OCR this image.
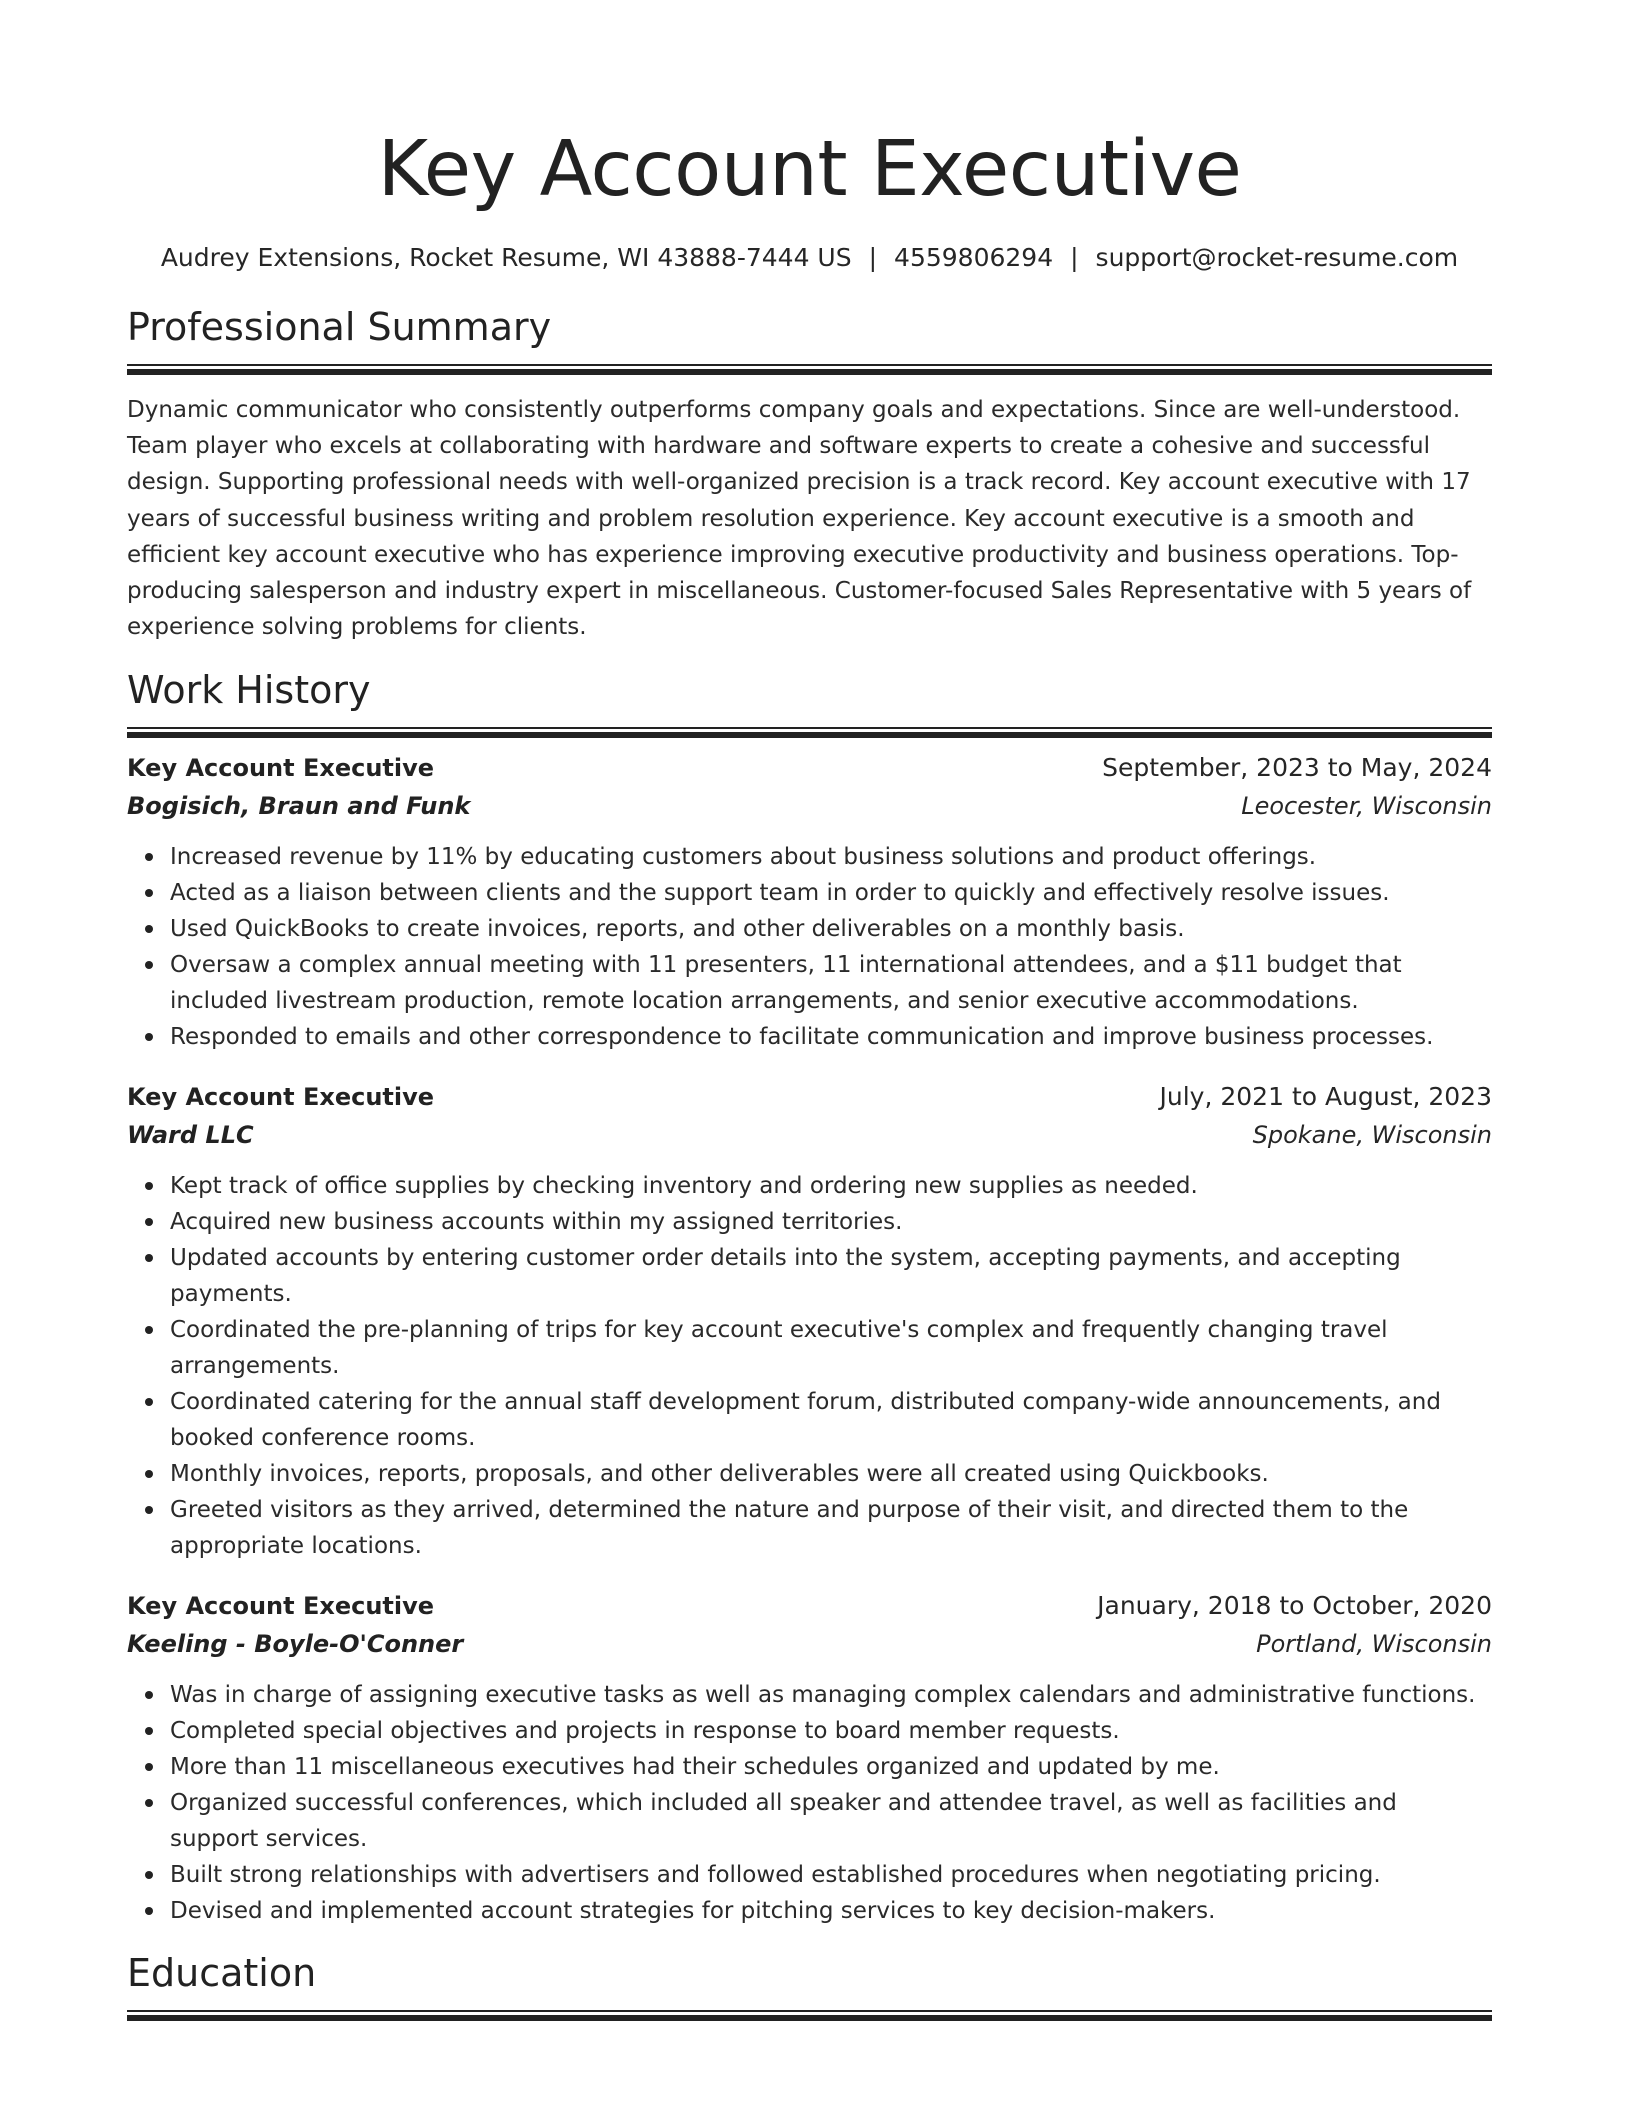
Key Account Executive
Audrey Extensions, Rocket Resume, WI 43888-7444 US | 4559806294 | support@rocket-resume.com
Professional Summary

Dynamic communicator who consistently outperforms company goals and expectations. Since are well-understood. Team player who excels at collaborating with hardware and software experts to create a cohesive and successful design. Supporting professional needs with well-organized precision is a track record. Key account executive with 17 years of successful business writing and problem resolution experience. Key account executive is a smooth and efficient key account executive who has experience improving executive productivity and business operations. Top-producing salesperson and industry expert in miscellaneous. Customer-focused Sales Representative with 5 years of experience solving problems for clients.

Work History
Key Account Executive	September, 2023 to May, 2024
Bogisich, Braun and Funk	Leocester, Wisconsin
Increased revenue by 11% by educating customers about business solutions and product offerings.
Acted as a liaison between clients and the support team in order to quickly and effectively resolve issues.
Used QuickBooks to create invoices, reports, and other deliverables on a monthly basis.
Oversaw a complex annual meeting with 11 presenters, 11 international attendees, and a $11 budget that included livestream production, remote location arrangements, and senior executive accommodations.
Responded to emails and other correspondence to facilitate communication and improve business processes.
Key Account Executive	July, 2021 to August, 2023
Ward LLC	Spokane, Wisconsin
Kept track of office supplies by checking inventory and ordering new supplies as needed.
Acquired new business accounts within my assigned territories.
Updated accounts by entering customer order details into the system, accepting payments, and accepting payments.
Coordinated the pre-planning of trips for key account executive's complex and frequently changing travel arrangements.
Coordinated catering for the annual staff development forum, distributed company-wide announcements, and booked conference rooms.
Monthly invoices, reports, proposals, and other deliverables were all created using Quickbooks.
Greeted visitors as they arrived, determined the nature and purpose of their visit, and directed them to the appropriate locations.
Key Account Executive	January, 2018 to October, 2020
Keeling - Boyle-O'Conner	Portland, Wisconsin
Was in charge of assigning executive tasks as well as managing complex calendars and administrative functions.
Completed special objectives and projects in response to board member requests.
More than 11 miscellaneous executives had their schedules organized and updated by me.
Organized successful conferences, which included all speaker and attendee travel, as well as facilities and support services.
Built strong relationships with advertisers and followed established procedures when negotiating pricing.
Devised and implemented account strategies for pitching services to key decision-makers.
Education
